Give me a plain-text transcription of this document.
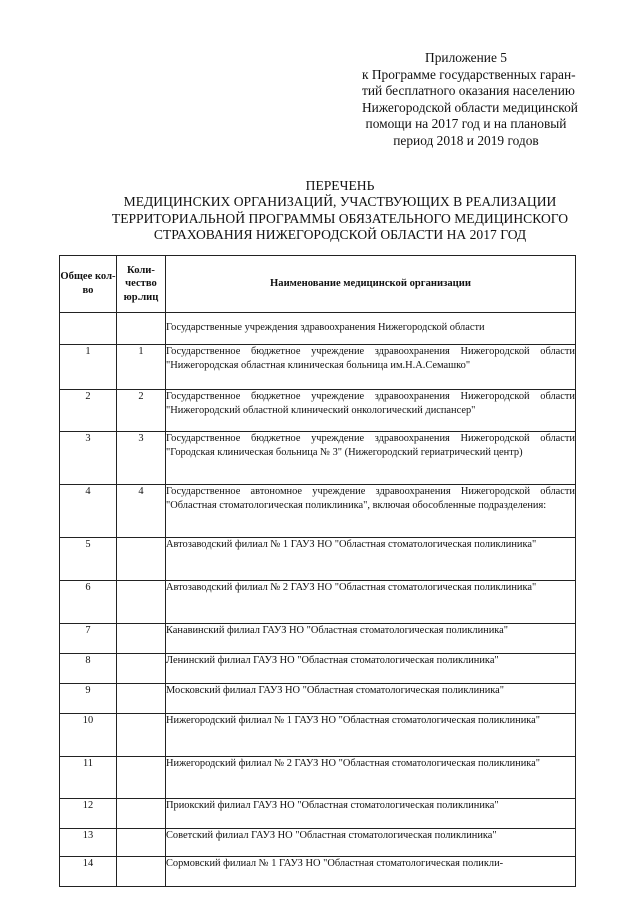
Приложение 5
к Программе государственных гаран-
тий бесплатного оказания населению
Нижегородской области медицинской
помощи на 2017 год и на плановый
период 2018 и 2019 годов
ПЕРЕЧЕНЬ
МЕДИЦИНСКИХ ОРГАНИЗАЦИЙ, УЧАСТВУЮЩИХ В РЕАЛИЗАЦИИ
ТЕРРИТОРИАЛЬНОЙ ПРОГРАММЫ ОБЯЗАТЕЛЬНОГО МЕДИЦИНСКОГО
СТРАХОВАНИЯ НИЖЕГОРОДСКОЙ ОБЛАСТИ НА 2017 ГОД
Общее кол-во	Коли- чество юр.лиц	Наименование медицинской организации
		Государственные учреждения здравоохранения Нижегородской области
1	1	Государственное бюджетное учреждение здравоохранения Нижегородской области "Нижегородская областная клиническая больница им.Н.А.Семашко"
2	2	Государственное бюджетное учреждение здравоохранения Нижегородской области "Нижегородский областной клинический онкологический диспансер"
3	3	Государственное бюджетное учреждение здравоохранения Нижегородской области "Городская клиническая больница № 3" (Нижегородский гериатрический центр)
4	4	Государственное автономное учреждение здравоохранения Нижегородской области "Областная стоматологическая поликлиника", включая обособленные подразделения:
5		Автозаводский филиал № 1 ГАУЗ НО "Областная стоматологическая поликлиника"
6		Автозаводский филиал № 2 ГАУЗ НО "Областная стоматологическая поликлиника"
7		Канавинский филиал ГАУЗ НО "Областная стоматологическая поликлиника"
8		Ленинский филиал ГАУЗ НО "Областная стоматологическая поликлиника"
9		Московский филиал ГАУЗ НО "Областная стоматологическая поликлиника"
10		Нижегородский филиал № 1 ГАУЗ НО "Областная стоматологическая поликлиника"
11		Нижегородский филиал № 2 ГАУЗ НО "Областная стоматологическая поликлиника"
12		Приокский филиал ГАУЗ НО "Областная стоматологическая поликлиника"
13		Советский филиал ГАУЗ НО "Областная стоматологическая поликлиника"
14		Сормовский филиал № 1 ГАУЗ НО "Областная стоматологическая поликли-
